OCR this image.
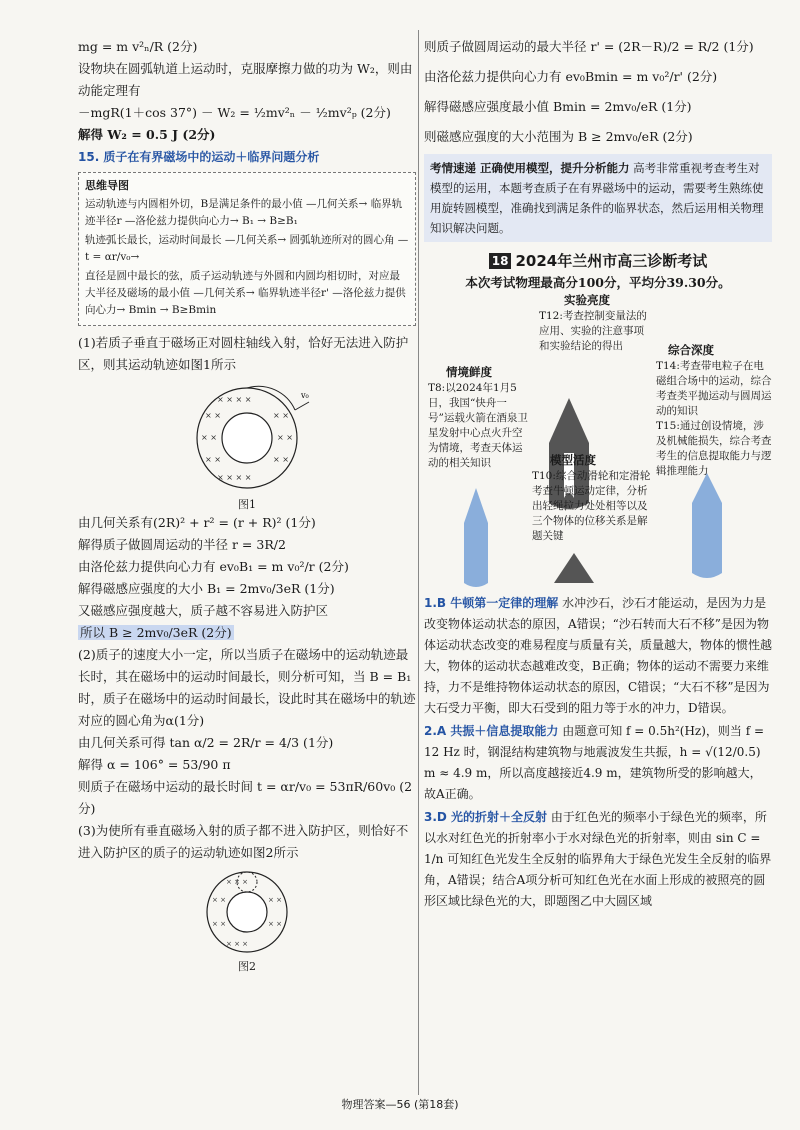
mg = m v²ₙ/R (2分)

设物块在圆弧轨道上运动时，克服摩擦力做的功为 W₂，则由动能定理有

－mgR(1＋cos 37°) － W₂ = ½mv²ₙ － ½mv²ₚ (2分)

解得 W₂ = 0.5 J (2分)

15. 质子在有界磁场中的运动＋临界问题分析

思维导图
运动轨迹与内圆相外切，B是满足条件的最小值 —几何关系→ 临界轨迹半径r —洛伦兹力提供向心力→ B₁ → B≥B₁
轨迹弧长最长，运动时间最长 —几何关系→ 圆弧轨迹所对的圆心角 —t = αr/v₀→
直径是圆中最长的弦，质子运动轨迹与外圆和内圆均相切时，对应最大半径及磁场的最小值 —几何关系→ 临界轨迹半径r' —洛伦兹力提供向心力→ Bmin → B≥Bmin

(1)若质子垂直于磁场正对圆柱轴线入射，恰好无法进入防护区，则其运动轨迹如图1所示

× × × ×
× ×	× ×
× ×	× ×
× ×	× ×
× × × ×
v₀

图1

由几何关系有(2R)² + r² = (r + R)² (1分)

解得质子做圆周运动的半径 r = 3R/2

由洛伦兹力提供向心力有 ev₀B₁ = m v₀²/r (2分)

解得磁感应强度的大小 B₁ = 2mv₀/3eR (1分)

又磁感应强度越大，质子越不容易进入防护区

所以 B ≥ 2mv₀/3eR (2分)

(2)质子的速度大小一定，所以当质子在磁场中的运动轨迹最长时，其在磁场中的运动时间最长，则分析可知，当 B = B₁ 时，质子在磁场中的运动时间最长，设此时其在磁场中的轨迹对应的圆心角为α(1分)

由几何关系可得 tan α/2 = 2R/r = 4/3 (1分)

解得 α = 106° = 53/90 π

则质子在磁场中运动的最长时间 t = αr/v₀ = 53πR/60v₀ (2分)

(3)为使所有垂直磁场入射的质子都不进入防护区，则恰好不进入防护区的质子的运动轨迹如图2所示

× × ×
× ×	× ×
× ×	× ×
× × ×

图2

则质子做圆周运动的最大半径 r' = (2R－R)/2 = R/2 (1分)

由洛伦兹力提供向心力有 ev₀Bmin = m v₀²/r' (2分)

解得磁感应强度最小值 Bmin = 2mv₀/eR (1分)

则磁感应强度的大小范围为 B ≥ 2mv₀/eR (2分)

考情速递 正确使用模型，提升分析能力 高考非常重视考查考生对模型的运用，本题考查质子在有界磁场中的运动，需要考生熟练使用旋转圆模型，准确找到满足条件的临界状态，然后运用相关物理知识解决问题。
18 2024年兰州市高三诊断考试
本次考试物理最高分100分，平均分39.30分。
实验亮度
T12:考查控制变量法的应用、实验的注意事项和实验结论的得出
情境鲜度
T8:以2024年1月5日，我国“快舟一号”运载火箭在酒泉卫星发射中心点火升空为情境，考查天体运动的相关知识
综合深度
T14:考查带电粒子在电磁组合场中的运动，综合考查类平抛运动与圆周运动的知识
T15:通过创设情境，涉及机械能损失，综合考查考生的信息提取能力与逻辑推理能力
模型活度
T10:综合动滑轮和定滑轮考查牛顿运动定律，分析出轻绳拉力处处相等以及三个物体的位移关系是解题关键

1.B 牛顿第一定律的理解 水冲沙石，沙石才能运动，是因为力是改变物体运动状态的原因，A错误；“沙石转而大石不移”是因为物体运动状态改变的难易程度与质量有关，质量越大，物体的惯性越大，物体的运动状态越难改变，B正确；物体的运动不需要力来维持，力不是维持物体运动状态的原因，C错误；“大石不移”是因为大石受力平衡，即大石受到的阻力等于水的冲力，D错误。

2.A 共振＋信息提取能力 由题意可知 f = 0.5h²(Hz)，则当 f = 12 Hz 时，钢混结构建筑物与地震波发生共振，h = √(12/0.5) m ≈ 4.9 m，所以高度越接近4.9 m，建筑物所受的影响越大，故A正确。

3.D 光的折射＋全反射 由于红色光的频率小于绿色光的频率，所以水对红色光的折射率小于水对绿色光的折射率，则由 sin C = 1/n 可知红色光发生全反射的临界角大于绿色光发生全反射的临界角，A错误；结合A项分析可知红色光在水面上形成的被照亮的圆形区域比绿色光的大，即题图乙中大圆区域

物理答案—56 (第18套)
